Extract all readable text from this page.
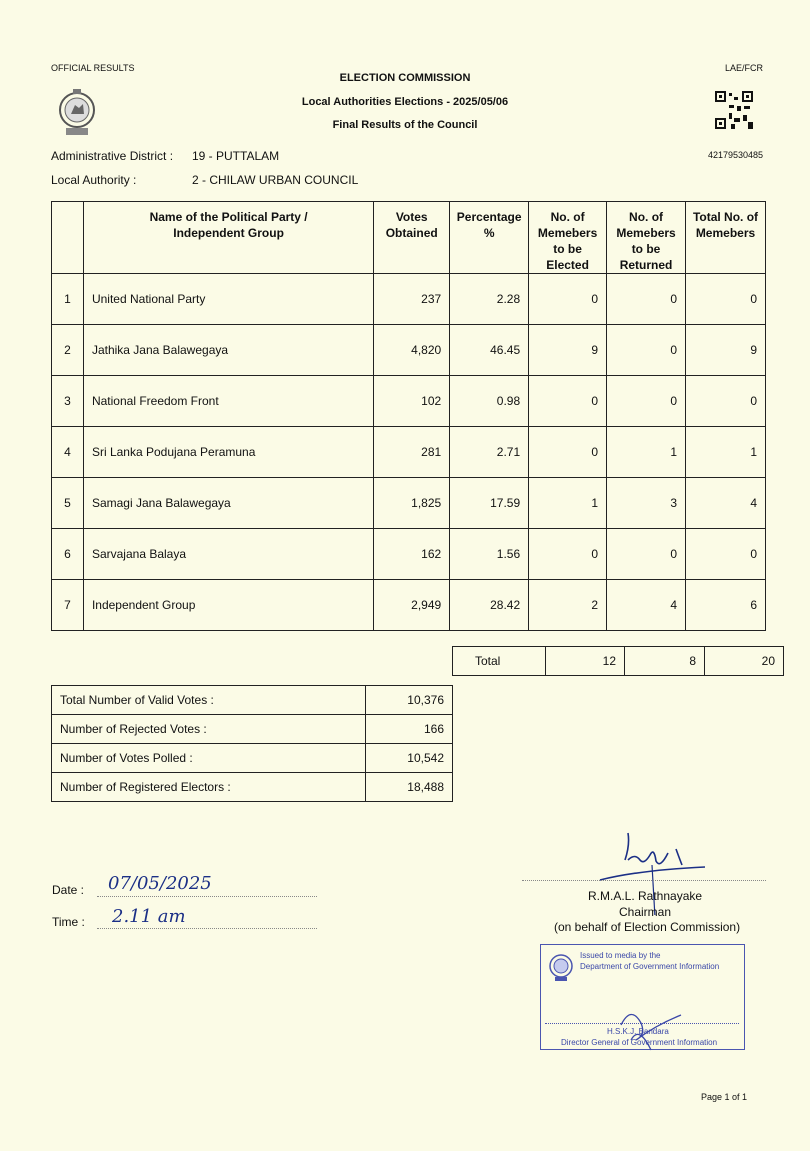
OFFICIAL RESULTS	LAE/FCR
ELECTION COMMISSION
Local Authorities Elections - 2025/05/06
Final Results of the Council
42179530485
Administrative District : 19 - PUTTALAM
Local Authority :	2 - CHILAW URBAN COUNCIL
	Name of the Political Party / Independent Group	Votes Obtained	Percentage %	No. of Memebers to be Elected	No. of Memebers to be Returned	Total No. of Memebers
1	United National Party	237	2.28	0	0	0
2	Jathika Jana Balawegaya	4,820	46.45	9	0	9
3	National Freedom Front	102	0.98	0	0	0
4	Sri Lanka Podujana Peramuna	281	2.71	0	1	1
5	Samagi Jana Balawegaya	1,825	17.59	1	3	4
6	Sarvajana Balaya	162	1.56	0	0	0
7	Independent Group	2,949	28.42	2	4	6
Total	12	8	20
Total Number of Valid Votes :	10,376
Number of Rejected Votes :	166
Number of Votes Polled :	10,542
Number of Registered Electors :	18,488
Date : 07/05/2025
Time : 2.11 am
R.M.A.L. Rathnayake
Chairman
(on behalf of Election Commission)
Issued to media by the
Department of Government Information
H.S.K.J. Bandara
Director General of Government Information
Page 1 of 1
